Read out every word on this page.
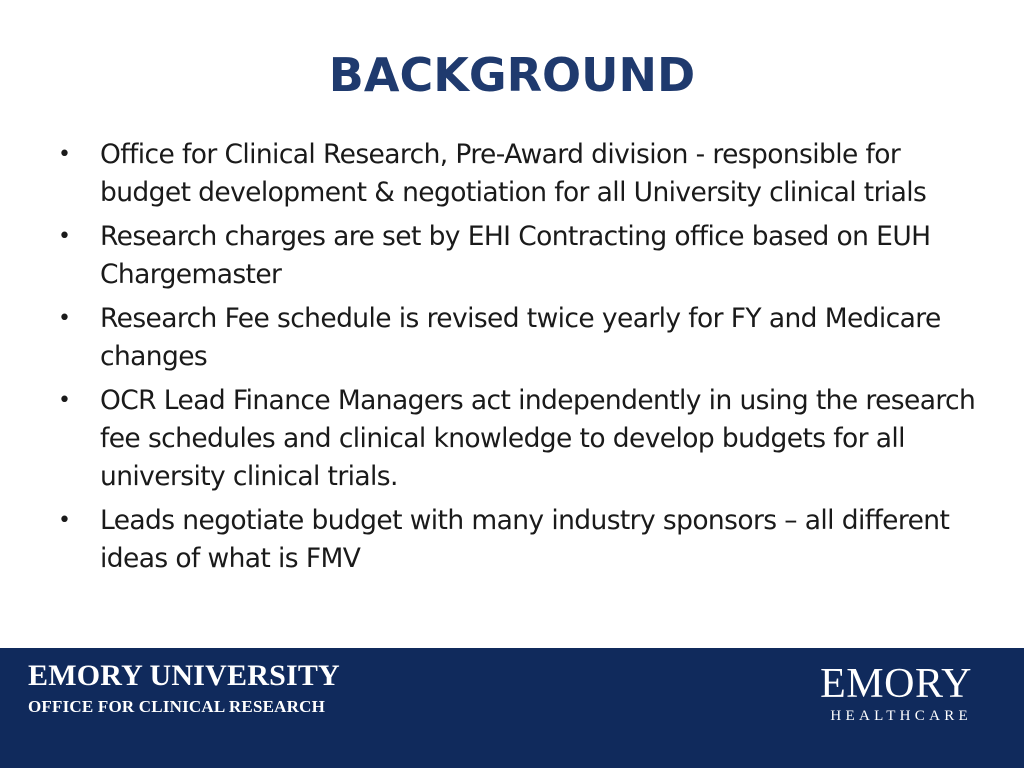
BACKGROUND
• Office for Clinical Research, Pre-Award division - responsible for budget development & negotiation for all University clinical trials
• Research charges are set by EHI Contracting office based on EUH Chargemaster
• Research Fee schedule is revised twice yearly for FY and Medicare changes
• OCR Lead Finance Managers act independently in using the research fee schedules and clinical knowledge to develop budgets for all university clinical trials.
• Leads negotiate budget with many industry sponsors – all different ideas of what is FMV
EMORY UNIVERSITY
OFFICE FOR CLINICAL RESEARCH	EMORY
HEALTHCARE
